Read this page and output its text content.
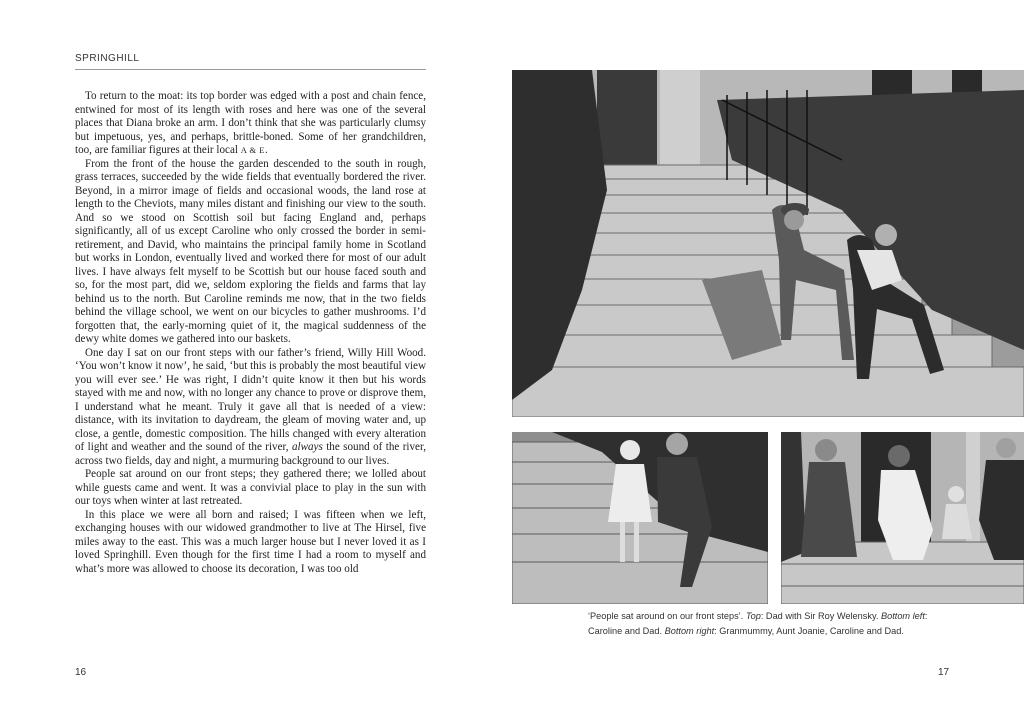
SPRINGHILL

To return to the moat: its top border was edged with a post and chain fence, entwined for most of its length with roses and here was one of the several places that Diana broke an arm. I don’t think that she was particularly clumsy but impetuous, yes, and perhaps, brittle-boned. Some of her grandchildren, too, are familiar figures at their local A & E.

From the front of the house the garden descended to the south in rough, grass terraces, succeeded by the wide fields that eventually bordered the river. Beyond, in a mirror image of fields and occasional woods, the land rose at length to the Cheviots, many miles distant and finishing our view to the south. And so we stood on Scottish soil but facing England and, perhaps significantly, all of us except Caroline who only crossed the border in semi-retirement, and David, who maintains the principal family home in Scotland but works in London, eventually lived and worked there for most of our adult lives. I have always felt myself to be Scottish but our house faced south and so, for the most part, did we, seldom exploring the fields and farms that lay behind us to the north. But Caroline reminds me now, that in the two fields behind the village school, we went on our bicycles to gather mushrooms. I’d forgotten that, the early-morning quiet of it, the magical suddenness of the dewy white domes we gathered into our baskets.

One day I sat on our front steps with our father’s friend, Willy Hill Wood. ‘You won’t know it now’, he said, ‘but this is probably the most beautiful view you will ever see.’ He was right, I didn’t quite know it then but his words stayed with me and now, with no longer any chance to prove or disprove them, I understand what he meant. Truly it gave all that is needed of a view: distance, with its invitation to daydream, the gleam of moving water and, up close, a gentle, domestic composition. The hills changed with every alteration of light and weather and the sound of the river, always the sound of the river, across two fields, day and night, a murmuring background to our lives.

People sat around on our front steps; they gathered there; we lolled about while guests came and went. It was a convivial place to play in the sun with our toys when winter at last retreated.

In this place we were all born and raised; I was fifteen when we left, exchanging houses with our widowed grandmother to live at The Hirsel, five miles away to the east. This was a much larger house but I never loved it as I loved Springhill. Even though for the first time I had a room to myself and what’s more was allowed to choose its decoration, I was too old

16
‘People sat around on our front steps’. Top: Dad with Sir Roy Welensky. Bottom left: Caroline and Dad. Bottom right: Granmummy, Aunt Joanie, Caroline and Dad.
17
